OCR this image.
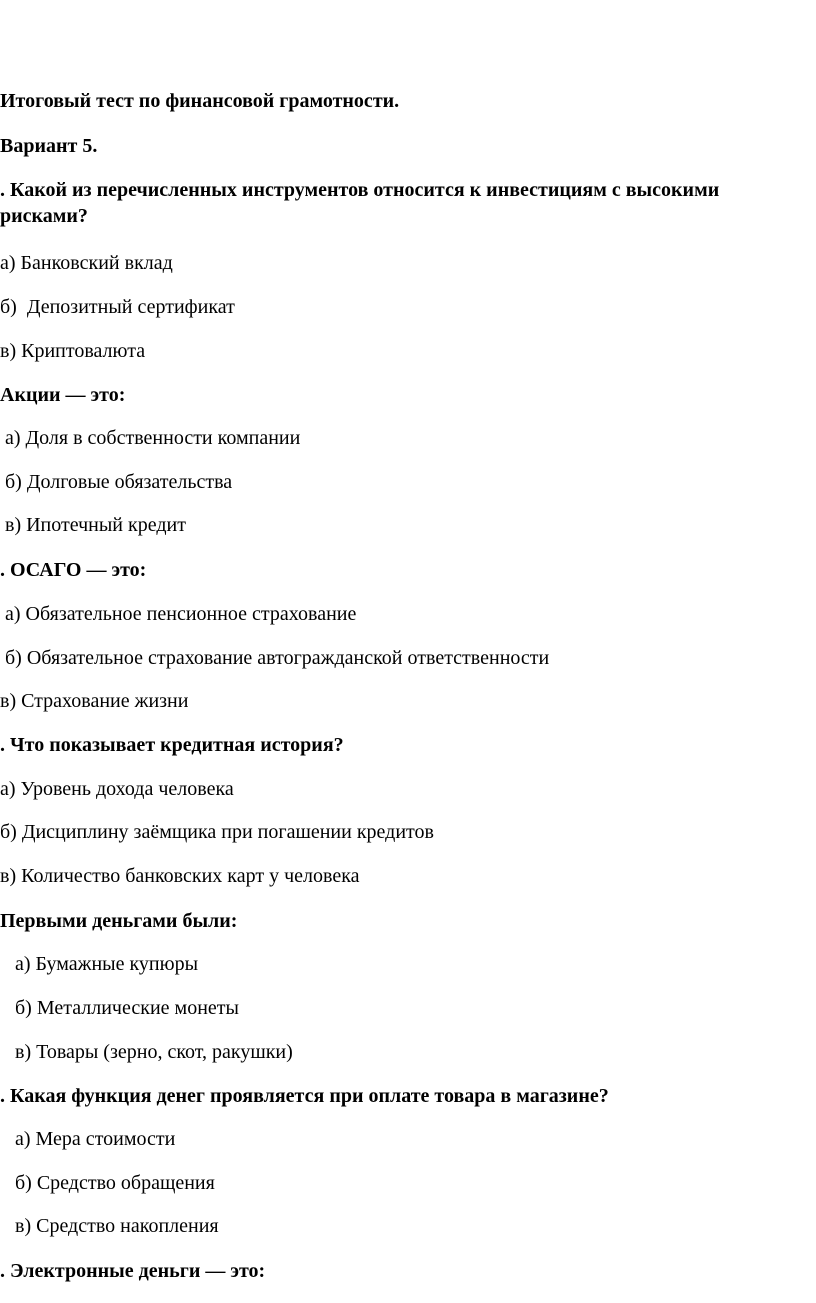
Итоговый тест по финансовой грамотности.
Вариант 5.
. Какой из перечисленных инструментов относится к инвестициям с высокими рисками?
а) Банковский вклад
б)  Депозитный сертификат
в) Криптовалюта
Акции — это:
а) Доля в собственности компании
б) Долговые обязательства
в) Ипотечный кредит
. ОСАГО — это:
а) Обязательное пенсионное страхование
б) Обязательное страхование автогражданской ответственности
в) Страхование жизни
. Что показывает кредитная история?
а) Уровень дохода человека
б) Дисциплину заёмщика при погашении кредитов
в) Количество банковских карт у человека
Первыми деньгами были:
а) Бумажные купюры
б) Металлические монеты
в) Товары (зерно, скот, ракушки)
. Какая функция денег проявляется при оплате товара в магазине?
а) Мера стоимости
б) Средство обращения
в) Средство накопления
. Электронные деньги — это:
